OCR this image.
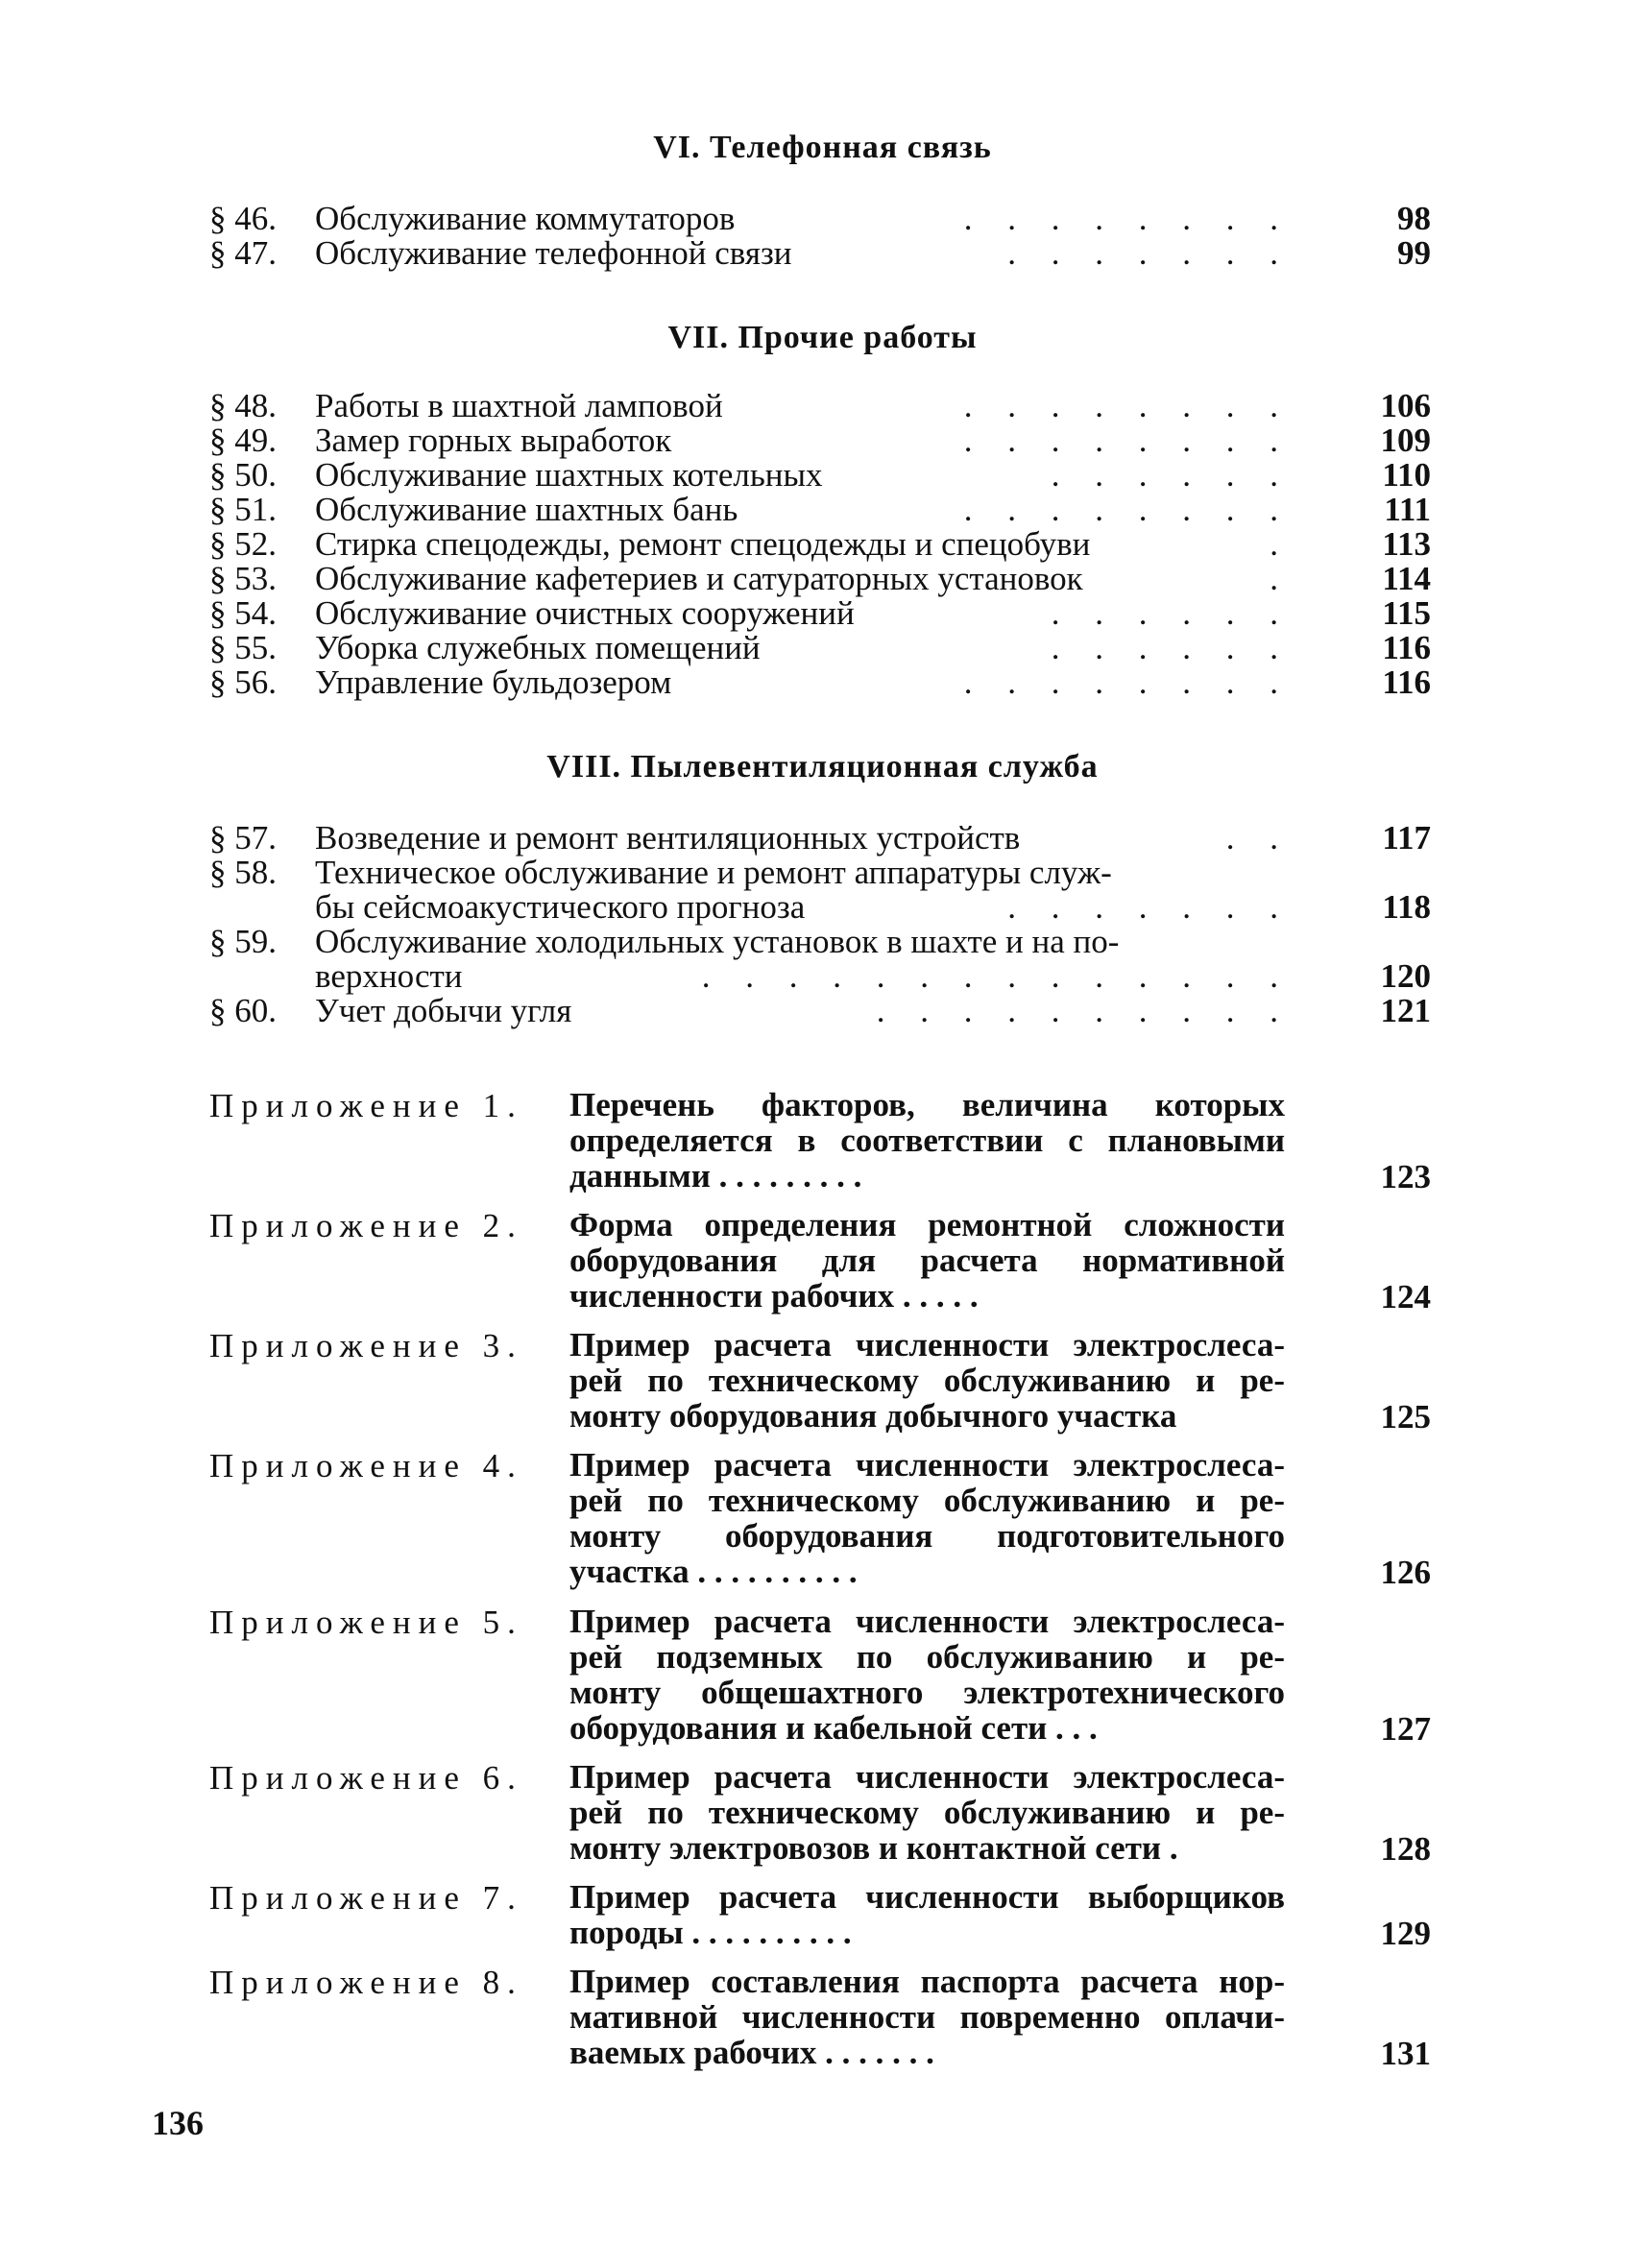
VI. Телефонная связь
§ 46. Обслуживание коммутаторов	. . . . . . . .	98
§ 47. Обслуживание телефонной связи	. . . . . . .	99
VII. Прочие работы
§ 48. Работы в шахтной ламповой	. . . . . . . .	106
§ 49. Замер горных выработок	. . . . . . . .	109
§ 50. Обслуживание шахтных котельных	. . . . . .	110
§ 51. Обслуживание шахтных бань	. . . . . . . .	111
§ 52. Стирка спецодежды, ремонт спецодежды и спецобуви	.	113
§ 53. Обслуживание кафетериев и сатураторных установок	.	114
§ 54. Обслуживание очистных сооружений	. . . . . .	115
§ 55. Уборка служебных помещений	. . . . . .	116
§ 56. Управление бульдозером	. . . . . . . .	116
VIII. Пылевентиляционная служба
§ 57. Возведение и ремонт вентиляционных устройств	. .	117
§ 58. Техническое обслуживание и ремонт аппаратуры служ-
бы сейсмоакустического прогноза	. . . . . . .	118
§ 59. Обслуживание холодильных установок в шахте и на по-
верхности	. . . . . . . . . . . . . .	120
§ 60. Учет добычи угля	. . . . . . . . . .	121
Приложение 1. Перечень факторов, величина которых
определяется в соответствии с плановыми
данными . . . . . . . . .	123
Приложение 2. Форма определения ремонтной сложности
оборудования для расчета нормативной
численности рабочих . . . . .	124
Приложение 3. Пример расчета численности электрослеса-
рей по техническому обслуживанию и ре-
монту оборудования добычного участка	125
Приложение 4. Пример расчета численности электрослеса-
рей по техническому обслуживанию и ре-
монту оборудования подготовительного
участка . . . . . . . . . .	126
Приложение 5. Пример расчета численности электрослеса-
рей подземных по обслуживанию и ре-
монту общешахтного электротехнического
оборудования и кабельной сети . . .	127
Приложение 6. Пример расчета численности электрослеса-
рей по техническому обслуживанию и ре-
монту электровозов и контактной сети .	128
Приложение 7. Пример расчета численности выборщиков
породы . . . . . . . . . .	129
Приложение 8. Пример составления паспорта расчета нор-
мативной численности повременно оплачи-
ваемых рабочих . . . . . . .	131
136
